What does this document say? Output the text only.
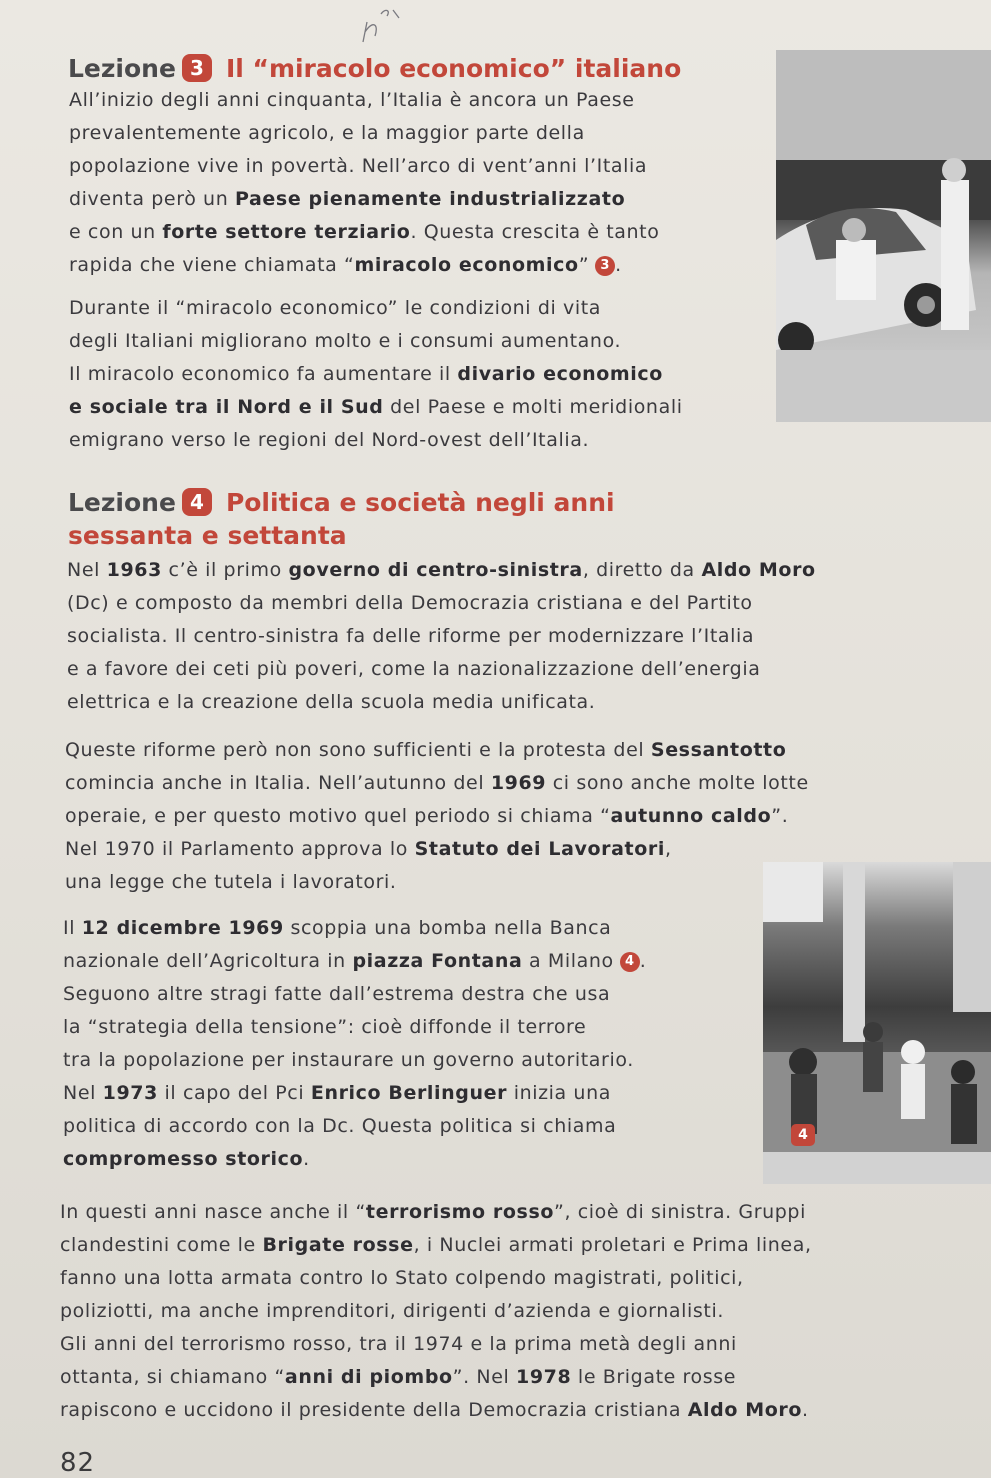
Lezione 3 Il “miracolo economico” italiano
All’inizio degli anni cinquanta, l’Italia è ancora un Paese
prevalentemente agricolo, e la maggior parte della
popolazione vive in povertà. Nell’arco di vent’anni l’Italia
diventa però un Paese pienamente industrializzato
e con un forte settore terziario. Questa crescita è tanto
rapida che viene chiamata “miracolo economico” 3 .
Durante il “miracolo economico” le condizioni di vita
degli Italiani migliorano molto e i consumi aumentano.
Il miracolo economico fa aumentare il divario economico
e sociale tra il Nord e il Sud del Paese e molti meridionali
emigrano verso le regioni del Nord-ovest dell’Italia.
Lezione 4 Politica e società negli anni
sessanta e settanta
Nel 1963 c’è il primo governo di centro-sinistra, diretto da Aldo Moro
(Dc) e composto da membri della Democrazia cristiana e del Partito
socialista. Il centro-sinistra fa delle riforme per modernizzare l’Italia
e a favore dei ceti più poveri, come la nazionalizzazione dell’energia
elettrica e la creazione della scuola media unificata.
Queste riforme però non sono sufficienti e la protesta del Sessantotto
comincia anche in Italia. Nell’autunno del 1969 ci sono anche molte lotte
operaie, e per questo motivo quel periodo si chiama “autunno caldo”.
Nel 1970 il Parlamento approva lo Statuto dei Lavoratori,
una legge che tutela i lavoratori.
Il 12 dicembre 1969 scoppia una bomba nella Banca
nazionale dell’Agricoltura in piazza Fontana a Milano 4 .
Seguono altre stragi fatte dall’estrema destra che usa
la “strategia della tensione”: cioè diffonde il terrore
tra la popolazione per instaurare un governo autoritario.
Nel 1973 il capo del Pci Enrico Berlinguer inizia una
politica di accordo con la Dc. Questa politica si chiama
compromesso storico.
4
In questi anni nasce anche il “terrorismo rosso”, cioè di sinistra. Gruppi
clandestini come le Brigate rosse, i Nuclei armati proletari e Prima linea,
fanno una lotta armata contro lo Stato colpendo magistrati, politici,
poliziotti, ma anche imprenditori, dirigenti d’azienda e giornalisti.
Gli anni del terrorismo rosso, tra il 1974 e la prima metà degli anni
ottanta, si chiamano “anni di piombo”. Nel 1978 le Brigate rosse
rapiscono e uccidono il presidente della Democrazia cristiana Aldo Moro.
82
